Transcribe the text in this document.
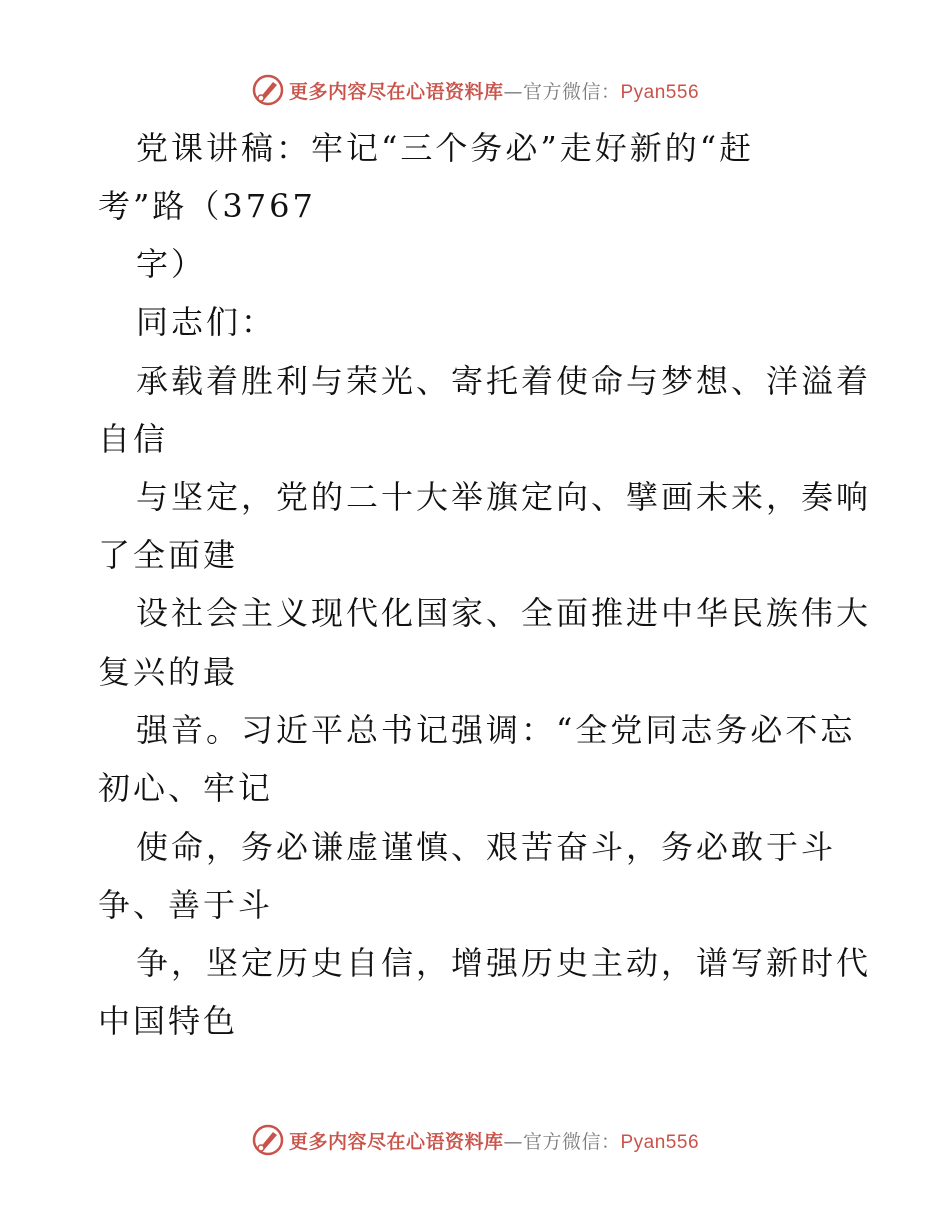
更多内容尽在心语资料库—官方微信：Pyan556
党课讲稿：牢记“三个务必”走好新的“赶
考”路（3767
字）
同志们：
承载着胜利与荣光、寄托着使命与梦想、洋溢着
自信
与坚定，党的二十大举旗定向、擘画未来，奏响
了全面建
设社会主义现代化国家、全面推进中华民族伟大
复兴的最
强音。习近平总书记强调：“全党同志务必不忘
初心、牢记
使命，务必谦虚谨慎、艰苦奋斗，务必敢于斗
争、善于斗
争，坚定历史自信，增强历史主动，谱写新时代
中国特色
更多内容尽在心语资料库—官方微信：Pyan556
